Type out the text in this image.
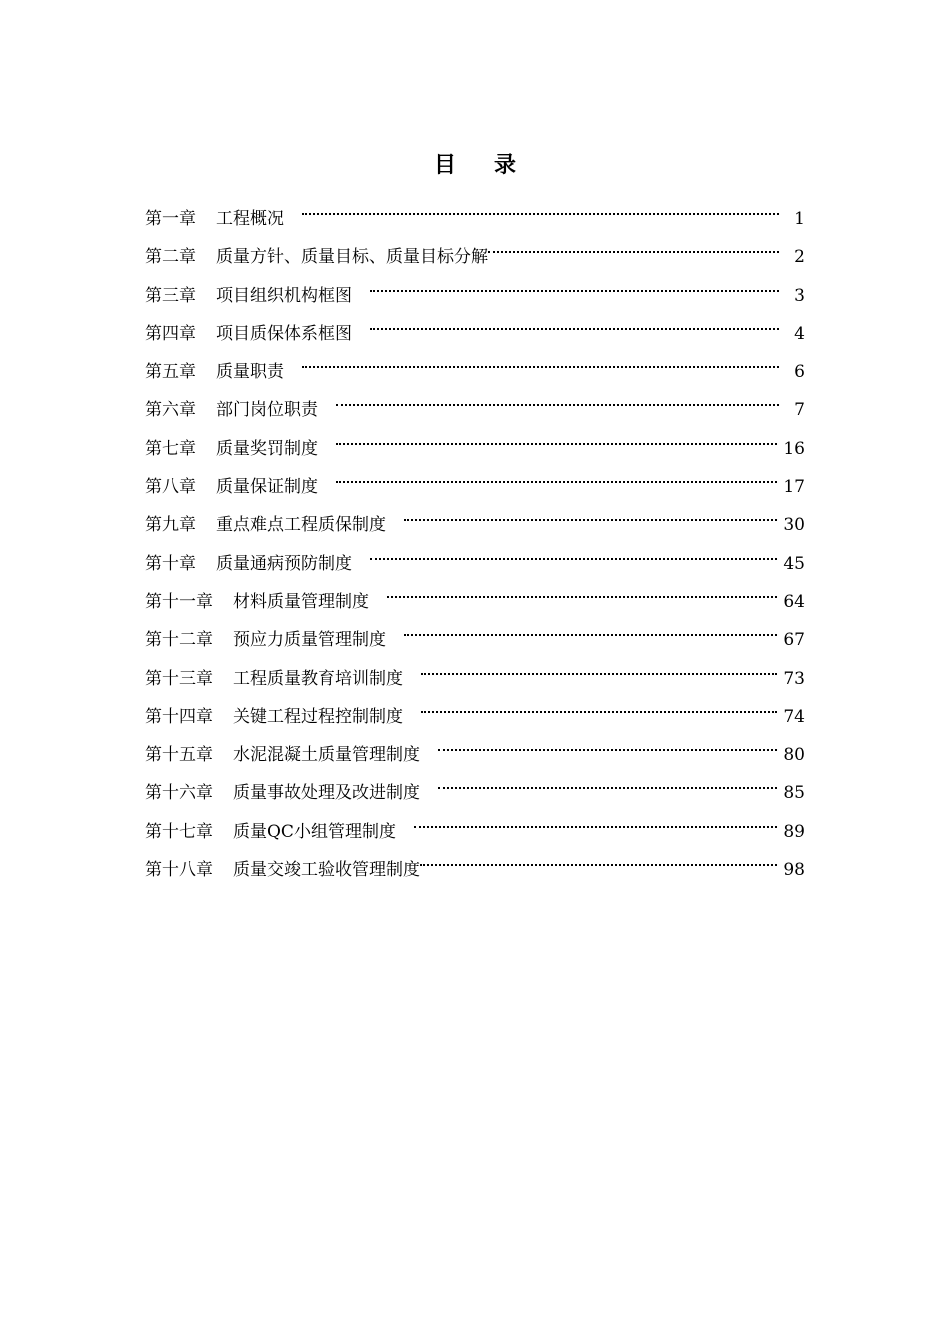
目 录
第一章 工程概况	1
第二章 质量方针、质量目标、质量目标分解	2
第三章 项目组织机构框图	3
第四章 项目质保体系框图	4
第五章 质量职责	6
第六章 部门岗位职责	7
第七章 质量奖罚制度	16
第八章 质量保证制度	17
第九章 重点难点工程质保制度	30
第十章 质量通病预防制度	45
第十一章 材料质量管理制度	64
第十二章 预应力质量管理制度	67
第十三章 工程质量教育培训制度	73
第十四章 关键工程过程控制制度	74
第十五章 水泥混凝土质量管理制度	80
第十六章 质量事故处理及改进制度	85
第十七章 质量QC小组管理制度	89
第十八章 质量交竣工验收管理制度	98
